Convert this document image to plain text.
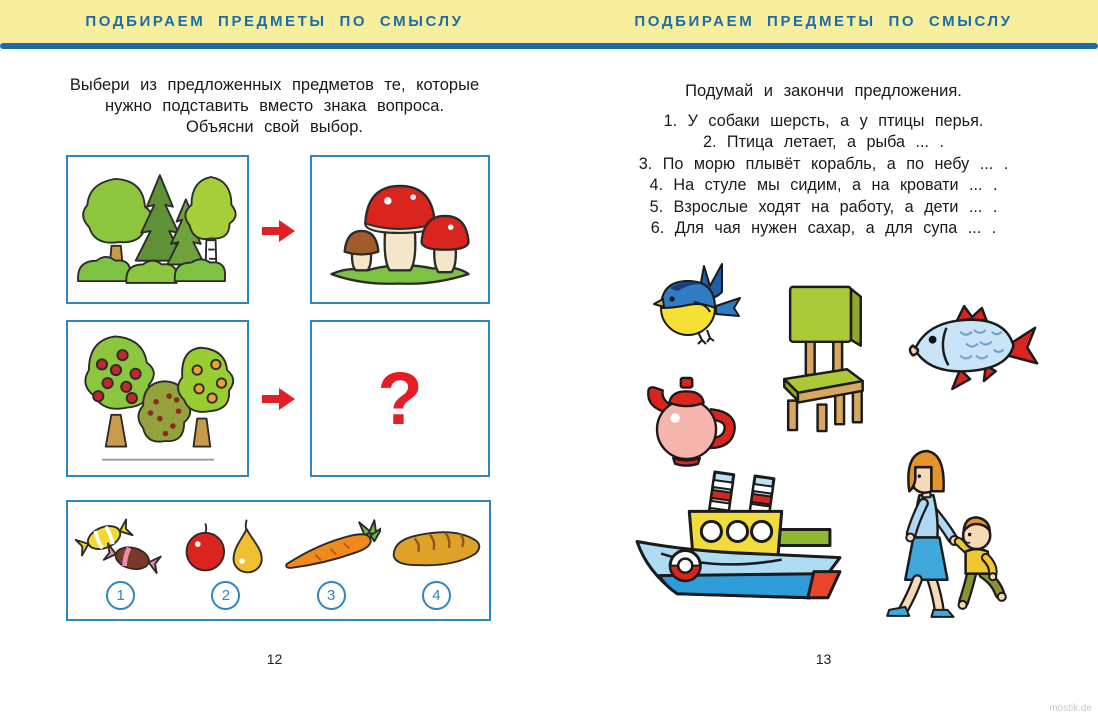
ПОДБИРАЕМ ПРЕДМЕТЫ ПО СМЫСЛУ	ПОДБИРАЕМ ПРЕДМЕТЫ ПО СМЫСЛУ
Выбери из предложенных предметов те, которые
нужно подставить вместо знака вопроса.
Объясни свой выбор.
?
1	2	3	4
12
Подумай и закончи предложения.
1. У собаки шерсть, а у птицы перья.
2. Птица летает, а рыба ... .
3. По морю плывёт корабль, а по небу ... .
4. На стуле мы сидим, а на кровати ... .
5. Взрослые ходят на работу, а дети ... .
6. Для чая нужен сахар, а для супа ... .
13
mostik.de
